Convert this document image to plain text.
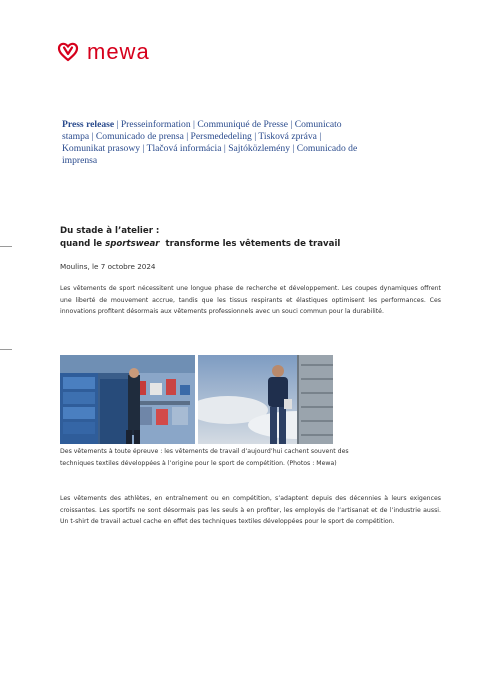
mewa
Press release | Presseinformation | Communiqué de Presse | Comunicato stampa | Comunicado de prensa | Persmededeling | Tisková zpráva | Komunikat prasowy | Tlačová informácia | Sajtóközlemény | Comunicado de imprensa
Du stade à l’atelier :
quand le sportswear  transforme les vêtements de travail
Moulins, le 7 octobre 2024
Les vêtements de sport nécessitent une longue phase de recherche et développement. Les coupes dynamiques offrent une liberté de mouvement accrue, tandis que les tissus respirants et élastiques optimisent les performances. Ces innovations profitent désormais aux vêtements professionnels avec un souci commun pour la durabilité.
Des vêtements à toute épreuve : les vêtements de travail d’aujourd’hui cachent souvent des techniques textiles développées à l’origine pour le sport de compétition. (Photos : Mewa)
Les vêtements des athlètes, en entraînement ou en compétition, s’adaptent depuis des décennies à leurs exigences croissantes. Les sportifs ne sont désormais pas les seuls à en profiter, les employés de l’artisanat et de l’industrie aussi. Un t-shirt de travail actuel cache en effet des techniques textiles développées pour le sport de compétition.
